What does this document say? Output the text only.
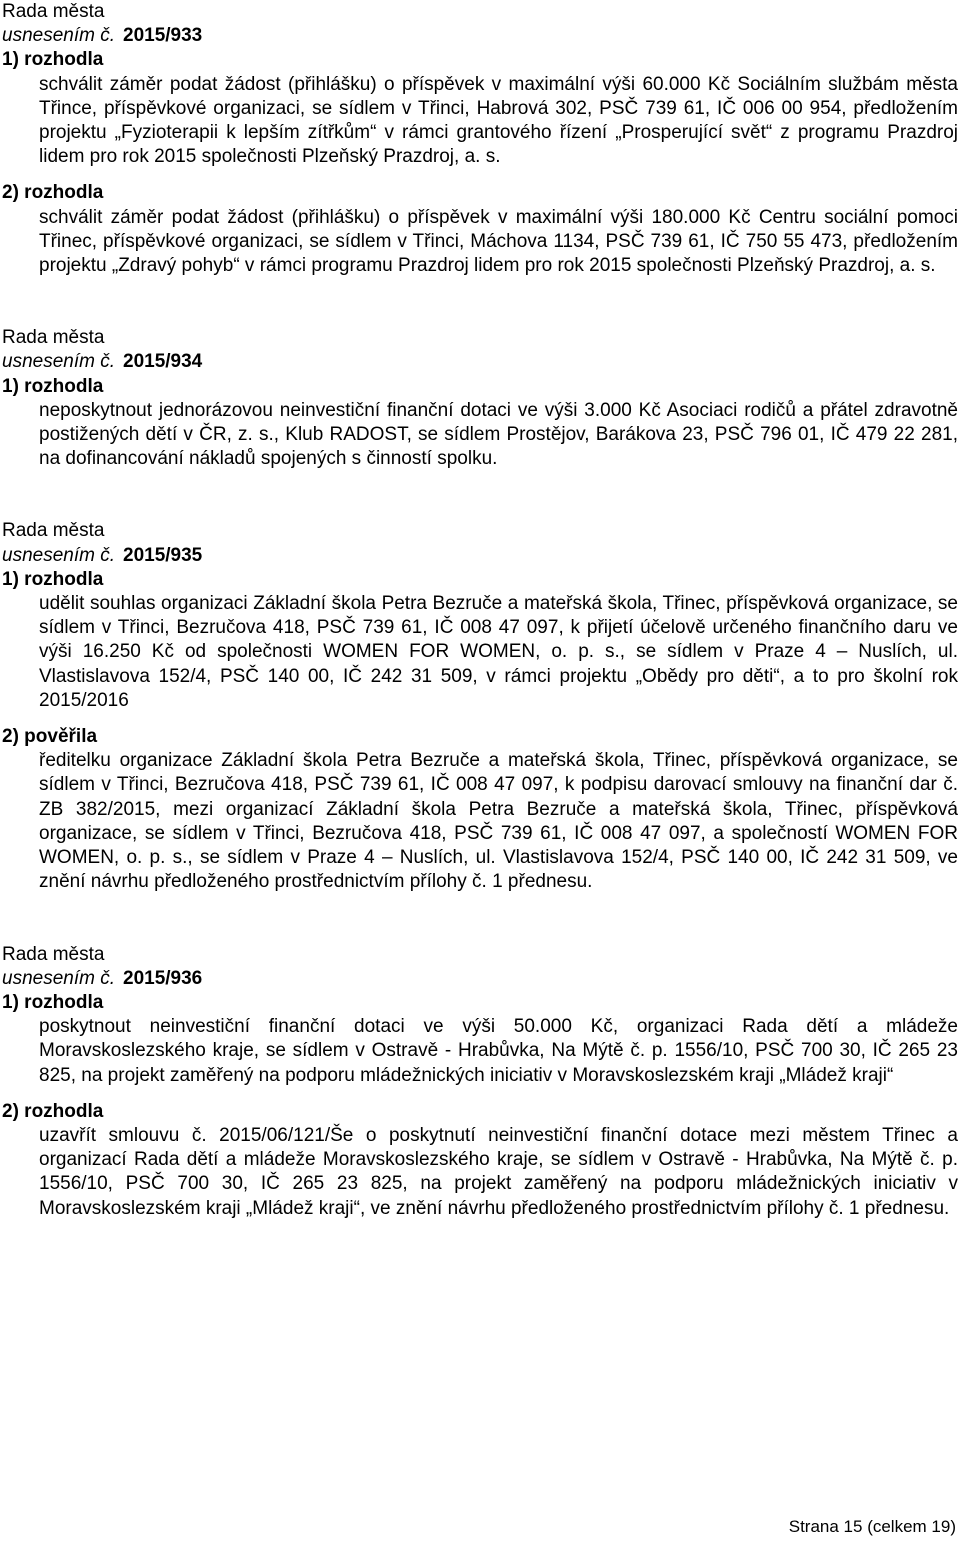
Rada města

usnesením č. 2015/933

1) rozhodla

schválit záměr podat žádost (přihlášku) o příspěvek v maximální výši 60.000 Kč Sociálním službám města Třince, příspěvkové organizaci, se sídlem v Třinci, Habrová 302, PSČ 739 61, IČ 006 00 954, předložením projektu „Fyzioterapii k lepším zítřkům“ v rámci grantového řízení „Prosperující svět“ z programu Prazdroj lidem pro rok 2015 společnosti Plzeňský Prazdroj, a. s.

2) rozhodla

schválit záměr podat žádost (přihlášku) o příspěvek v maximální výši 180.000 Kč Centru sociální pomoci Třinec, příspěvkové organizaci, se sídlem v Třinci, Máchova 1134, PSČ 739 61, IČ 750 55 473, předložením projektu „Zdravý pohyb“ v rámci programu Prazdroj lidem pro rok 2015 společnosti Plzeňský Prazdroj, a. s.

Rada města

usnesením č. 2015/934

1) rozhodla

neposkytnout jednorázovou neinvestiční finanční dotaci ve výši 3.000 Kč Asociaci rodičů a přátel zdravotně postižených dětí v ČR, z. s., Klub RADOST, se sídlem Prostějov, Barákova 23, PSČ 796 01, IČ 479 22 281, na dofinancování nákladů spojených s činností spolku.

Rada města

usnesením č. 2015/935

1) rozhodla

udělit souhlas organizaci Základní škola Petra Bezruče a mateřská škola, Třinec, příspěvková organizace, se sídlem v Třinci, Bezručova 418, PSČ 739 61, IČ 008 47 097, k přijetí účelově určeného finančního daru ve výši 16.250 Kč od společnosti WOMEN FOR WOMEN, o. p. s., se sídlem v Praze 4 – Nuslích, ul. Vlastislavova 152/4, PSČ 140 00, IČ 242 31 509, v rámci projektu „Obědy pro děti“, a to pro školní rok 2015/2016

2) pověřila

ředitelku organizace Základní škola Petra Bezruče a mateřská škola, Třinec, příspěvková organizace, se sídlem v Třinci, Bezručova 418, PSČ 739 61, IČ 008 47 097, k podpisu darovací smlouvy na finanční dar č. ZB 382/2015, mezi organizací Základní škola Petra Bezruče a mateřská škola, Třinec, příspěvková organizace, se sídlem v Třinci, Bezručova 418, PSČ 739 61, IČ 008 47 097, a společností WOMEN FOR WOMEN, o. p. s., se sídlem v Praze 4 – Nuslích, ul. Vlastislavova 152/4, PSČ 140 00, IČ 242 31 509, ve znění návrhu předloženého prostřednictvím přílohy č. 1 přednesu.

Rada města

usnesením č. 2015/936

1) rozhodla

poskytnout neinvestiční finanční dotaci ve výši 50.000 Kč, organizaci Rada dětí a mládeže Moravskoslezského kraje, se sídlem v Ostravě - Hrabůvka, Na Mýtě č. p. 1556/10, PSČ 700 30, IČ 265 23 825, na projekt zaměřený na podporu mládežnických iniciativ v Moravskoslezském kraji „Mládež kraji“

2) rozhodla

uzavřít smlouvu č. 2015/06/121/Še o poskytnutí neinvestiční finanční dotace mezi městem Třinec a organizací Rada dětí a mládeže Moravskoslezského kraje, se sídlem v Ostravě - Hrabůvka, Na Mýtě č. p. 1556/10, PSČ 700 30, IČ 265 23 825, na projekt zaměřený na podporu mládežnických iniciativ v Moravskoslezském kraji „Mládež kraji“, ve znění návrhu předloženého prostřednictvím přílohy č. 1 přednesu.

Strana 15 (celkem 19)
